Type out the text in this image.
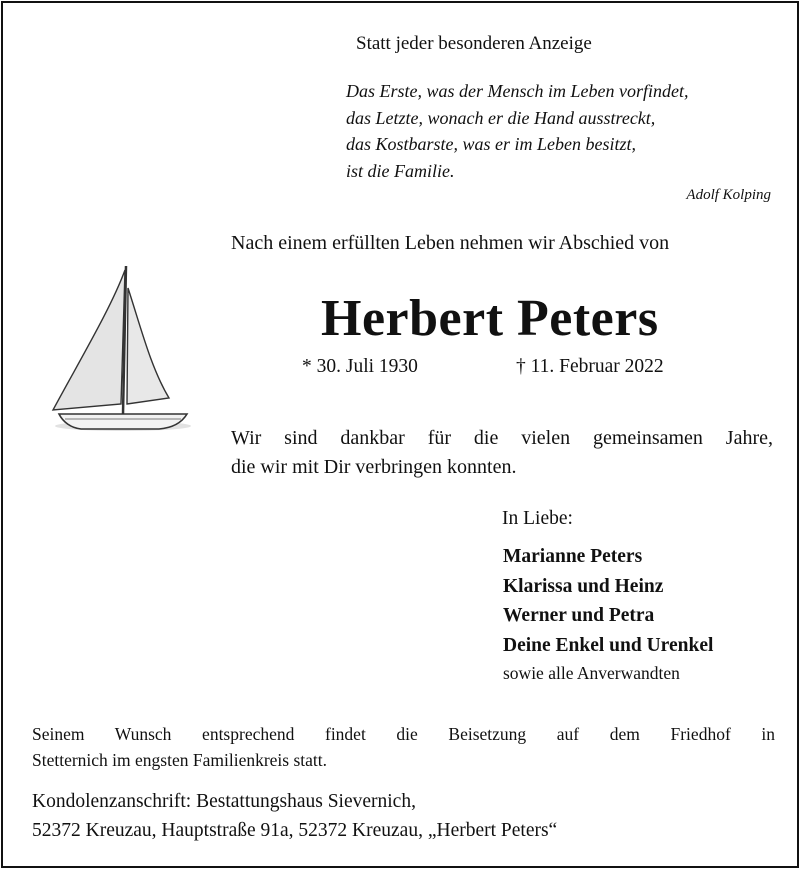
Statt jeder besonderen Anzeige
Das Erste, was der Mensch im Leben vorfindet,
das Letzte, wonach er die Hand ausstreckt,
das Kostbarste, was er im Leben besitzt,
ist die Familie.
Adolf Kolping
Nach einem erfüllten Leben nehmen wir Abschied von
Herbert Peters
* 30. Juli 1930	† 11. Februar 2022
Wir sind dankbar für die vielen gemeinsamen Jahre,
die wir mit Dir verbringen konnten.
In Liebe:
Marianne Peters
Klarissa und Heinz
Werner und Petra
Deine Enkel und Urenkel
sowie alle Anverwandten
Seinem Wunsch entsprechend findet die Beisetzung auf dem Friedhof in
Stetternich im engsten Familienkreis statt.
Kondolenzanschrift: Bestattungshaus Sievernich,
52372 Kreuzau, Hauptstraße 91a, 52372 Kreuzau, „Herbert Peters“
